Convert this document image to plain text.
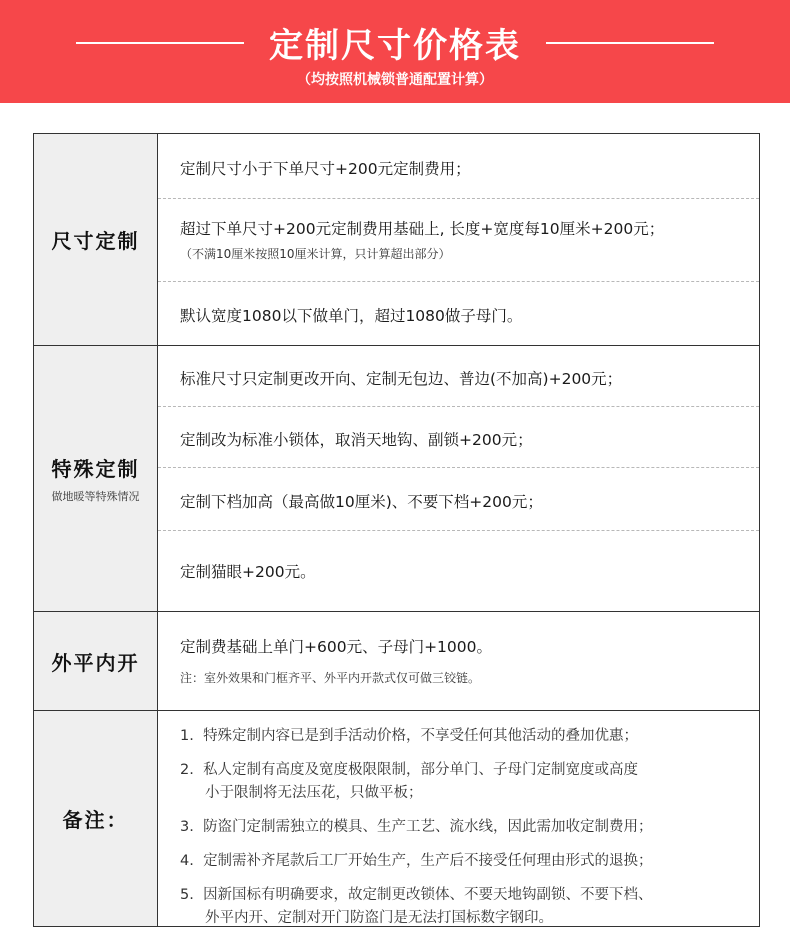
定制尺寸价格表
（均按照机械锁普通配置计算）
尺寸定制
定制尺寸小于下单尺寸+200元定制费用；
超过下单尺寸+200元定制费用基础上, 长度+宽度每10厘米+200元；
（不满10厘米按照10厘米计算，只计算超出部分）
默认宽度1080以下做单门，超过1080做子母门。
特殊定制
做地暖等特殊情况
标准尺寸只定制更改开向、定制无包边、普边(不加高)+200元；
定制改为标准小锁体，取消天地钩、副锁+200元；
定制下档加高（最高做10厘米)、不要下档+200元；
定制猫眼+200元。
外平内开
定制费基础上单门+600元、子母门+1000。
注：室外效果和门框齐平、外平内开款式仅可做三铰链。
备注：
1. 特殊定制内容已是到手活动价格，不享受任何其他活动的叠加优惠；
2. 私人定制有高度及宽度极限限制，部分单门、子母门定制宽度或高度
小于限制将无法压花，只做平板；
3. 防盗门定制需独立的模具、生产工艺、流水线，因此需加收定制费用；
4. 定制需补齐尾款后工厂开始生产，生产后不接受任何理由形式的退换；
5. 因新国标有明确要求，故定制更改锁体、不要天地钩副锁、不要下档、
外平内开、定制对开门防盗门是无法打国标数字钢印。
